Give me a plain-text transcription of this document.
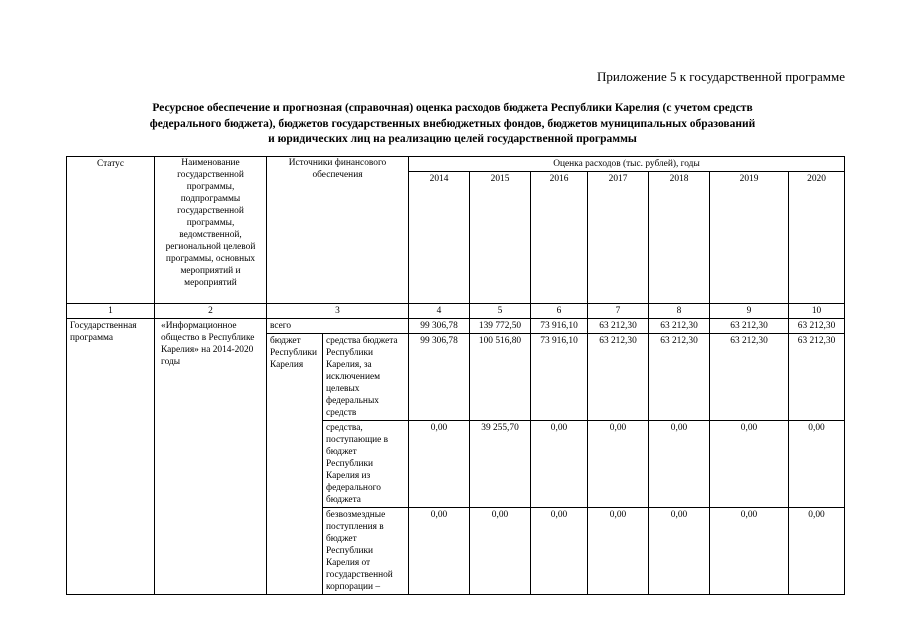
Приложение 5 к государственной программе
Ресурсное обеспечение и прогнозная (справочная) оценка расходов бюджета Республики Карелия (с учетом средств
федерального бюджета), бюджетов государственных внебюджетных фондов, бюджетов муниципальных образований
и юридических лиц на реализацию целей государственной программы
Статус	Наименование государственной программы, подпрограммы государственной программы, ведомственной, региональной целевой программы, основных мероприятий и мероприятий	Источники финансового обеспечения		Оценка расходов (тыс. рублей), годы						
				2014	2015	2016	2017	2018	2019	2020
1	2	3		4	5	6	7	8	9	10
Государственная программа	«Информационное общество в Республике Карелия» на 2014-2020 годы	всего		99 306,78	139 772,50	73 916,10	63 212,30	63 212,30	63 212,30	63 212,30
		бюджет Республики Карелия	средства бюджета Республики Карелия, за исключением целевых федеральных средств	99 306,78	100 516,80	73 916,10	63 212,30	63 212,30	63 212,30	63 212,30
			средства, поступающие в бюджет Республики Карелия из федерального бюджета	0,00	39 255,70	0,00	0,00	0,00	0,00	0,00
			безвозмездные поступления в бюджет Республики Карелия от государственной корпорации –	0,00	0,00	0,00	0,00	0,00	0,00	0,00
